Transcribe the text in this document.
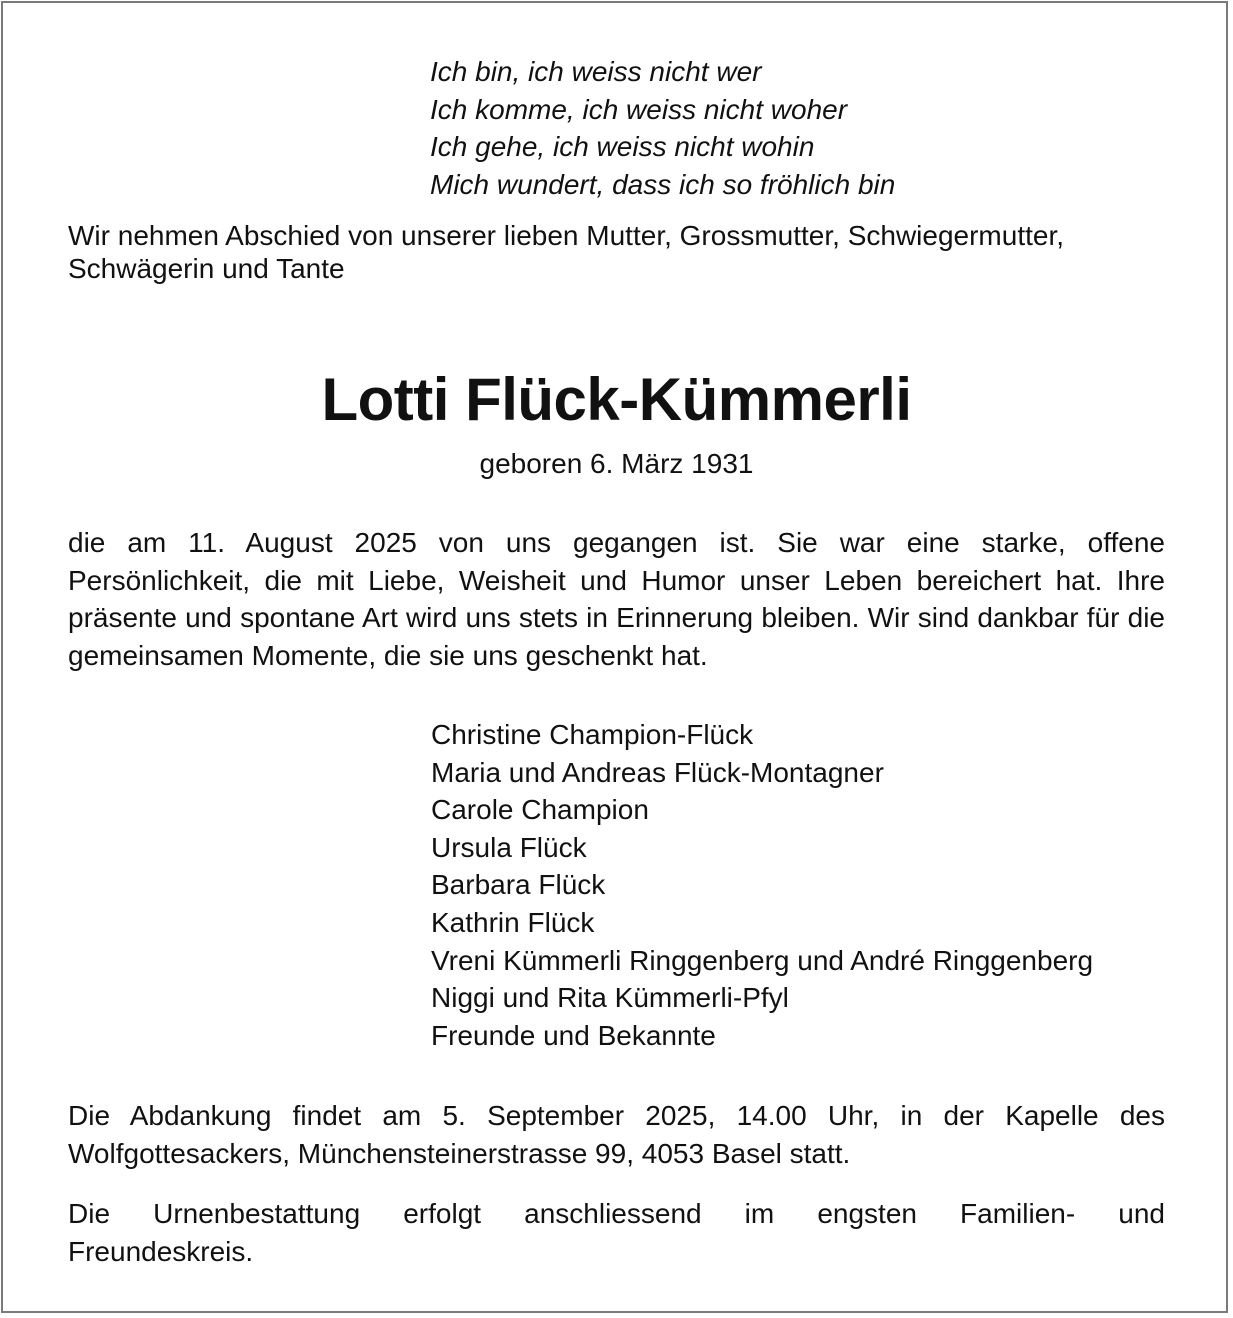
Ich bin, ich weiss nicht wer
Ich komme, ich weiss nicht woher
Ich gehe, ich weiss nicht wohin
Mich wundert, dass ich so fröhlich bin
Wir nehmen Abschied von unserer lieben Mutter, Grossmutter, Schwiegermutter,
Schwägerin und Tante
Lotti Flück-Kümmerli
geboren 6. März 1931
die am 11. August 2025 von uns gegangen ist. Sie war eine starke, offene Persönlichkeit, die mit Liebe, Weisheit und Humor unser Leben bereichert hat. Ihre präsente und spontane Art wird uns stets in Erinnerung bleiben. Wir sind dankbar für die gemeinsamen Momente, die sie uns geschenkt hat.
Christine Champion-Flück
Maria und Andreas Flück-Montagner
Carole Champion
Ursula Flück
Barbara Flück
Kathrin Flück
Vreni Kümmerli Ringgenberg und André Ringgenberg
Niggi und Rita Kümmerli-Pfyl
Freunde und Bekannte
Die Abdankung findet am 5. September 2025, 14.00 Uhr, in der Kapelle des Wolfgottesackers, Münchensteinerstrasse 99, 4053 Basel statt.
Die Urnenbestattung erfolgt anschliessend im engsten Familien- und
Freundeskreis.
